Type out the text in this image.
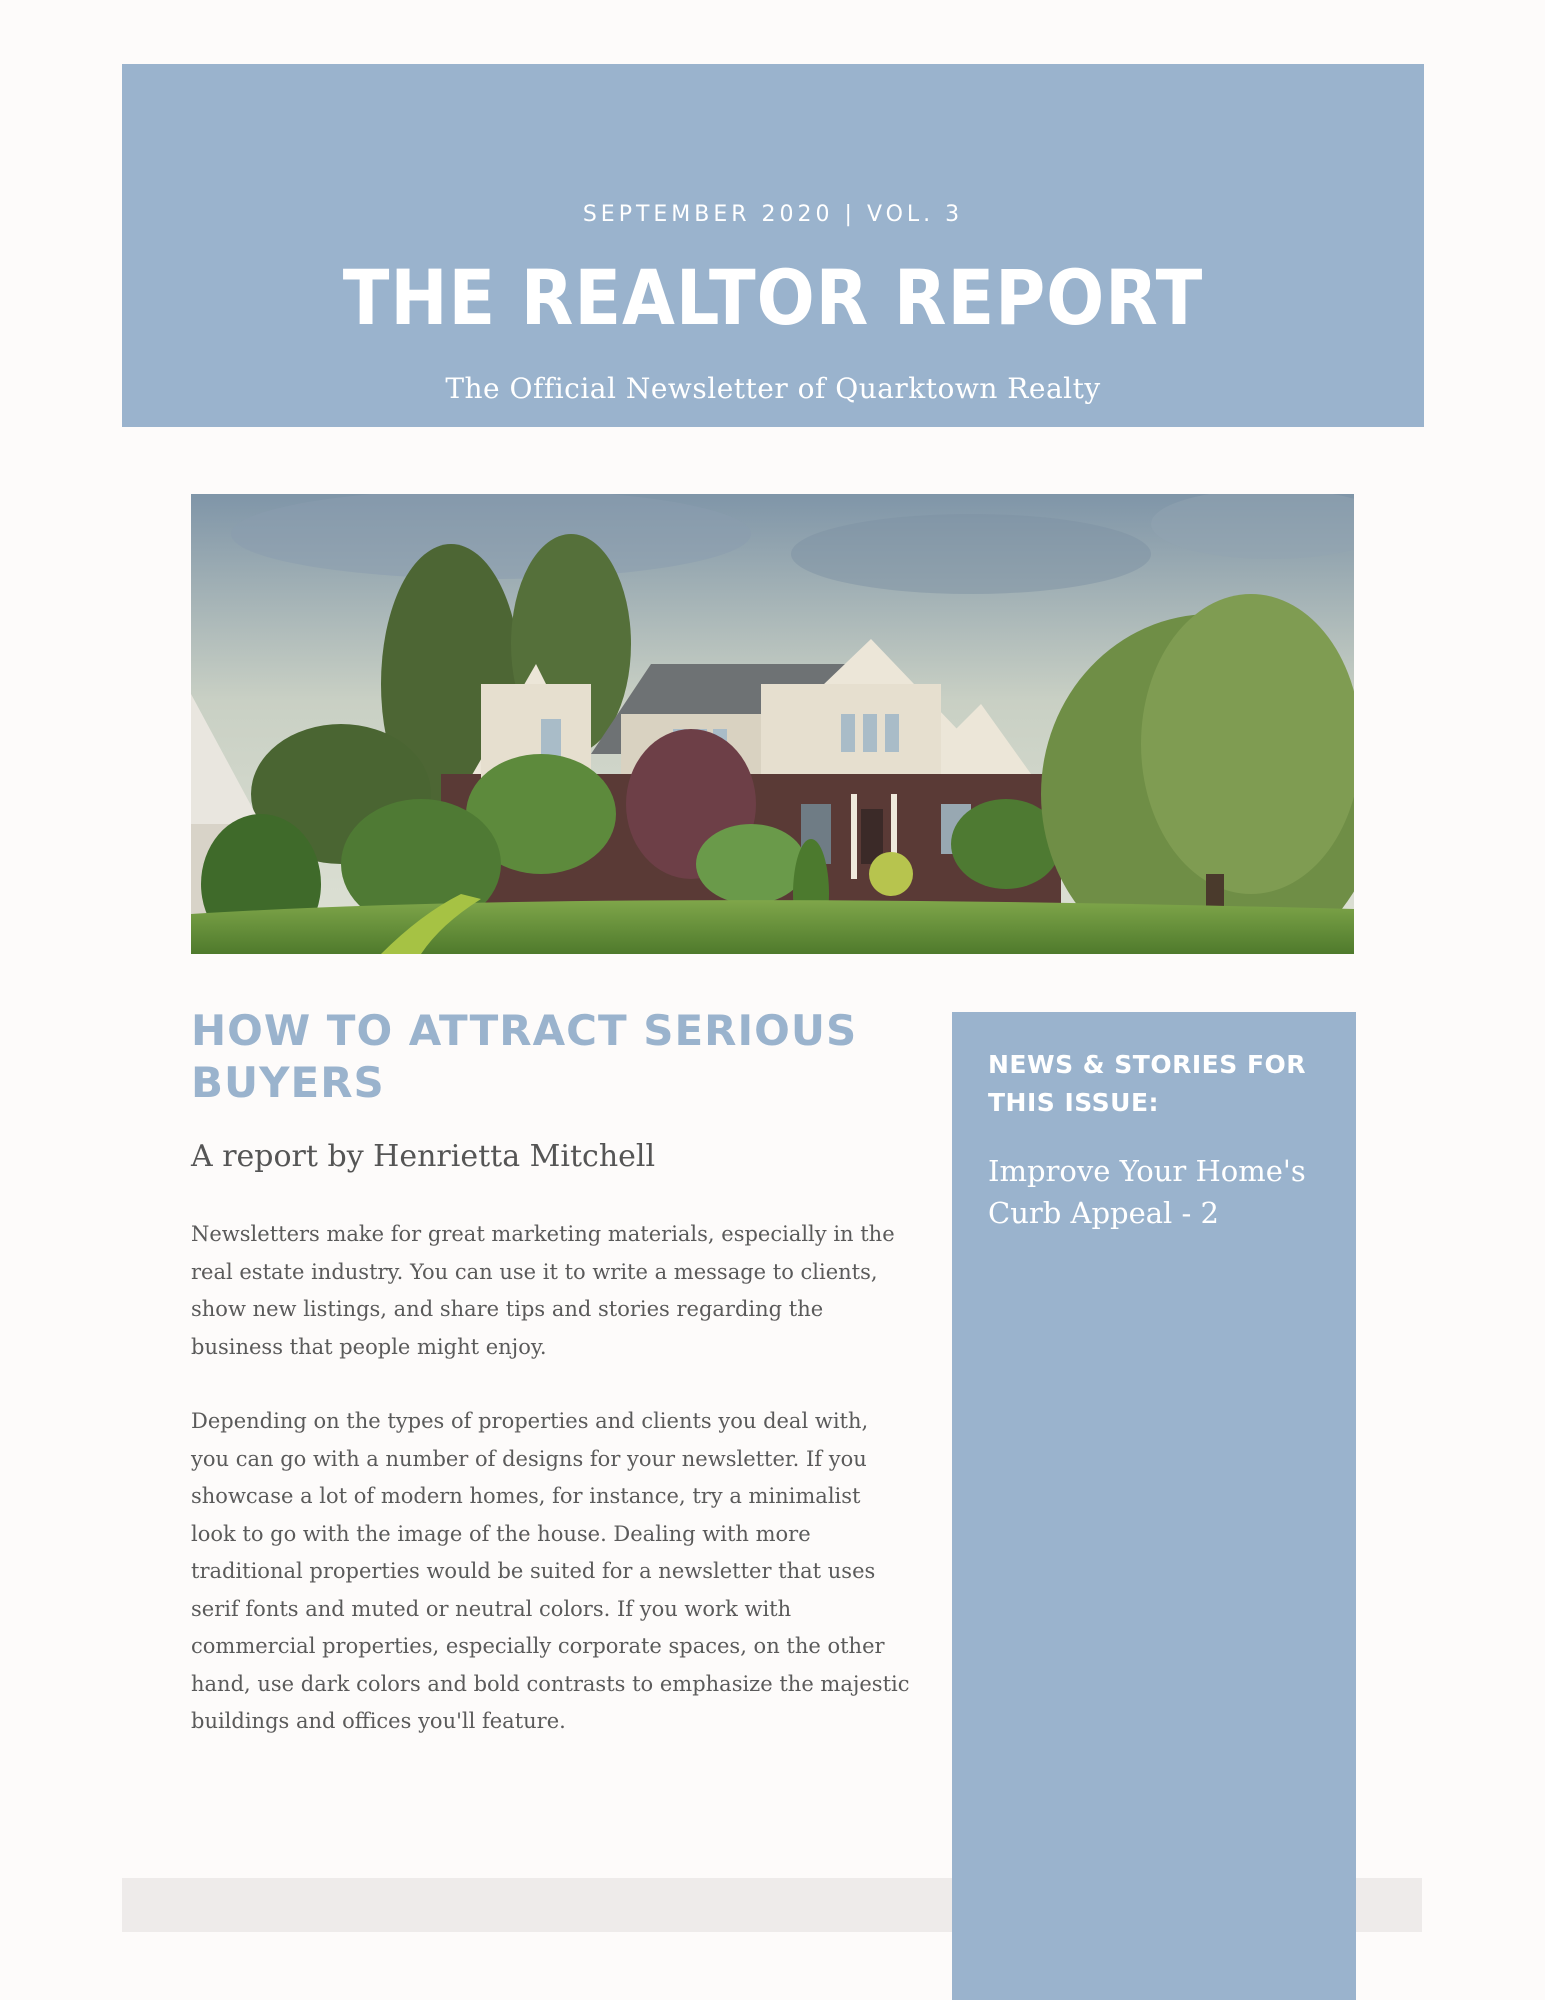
SEPTEMBER 2020 | VOL. 3
THE REALTOR REPORT
The Official Newsletter of Quarktown Realty
HOW TO ATTRACT SERIOUS BUYERS

A report by Henrietta Mitchell

Newsletters make for great marketing materials, especially in the real estate industry. You can use it to write a message to clients, show new listings, and share tips and stories regarding the business that people might enjoy.

Depending on the types of properties and clients you deal with, you can go with a number of designs for your newsletter. If you showcase a lot of modern homes, for instance, try a minimalist look to go with the image of the house. Dealing with more traditional properties would be suited for a newsletter that uses serif fonts and muted or neutral colors. If you work with commercial properties, especially corporate spaces, on the other hand, use dark colors and bold contrasts to emphasize the majestic buildings and offices you'll feature.

NEWS & STORIES FOR THIS ISSUE:
Improve Your Home's Curb Appeal - 2
